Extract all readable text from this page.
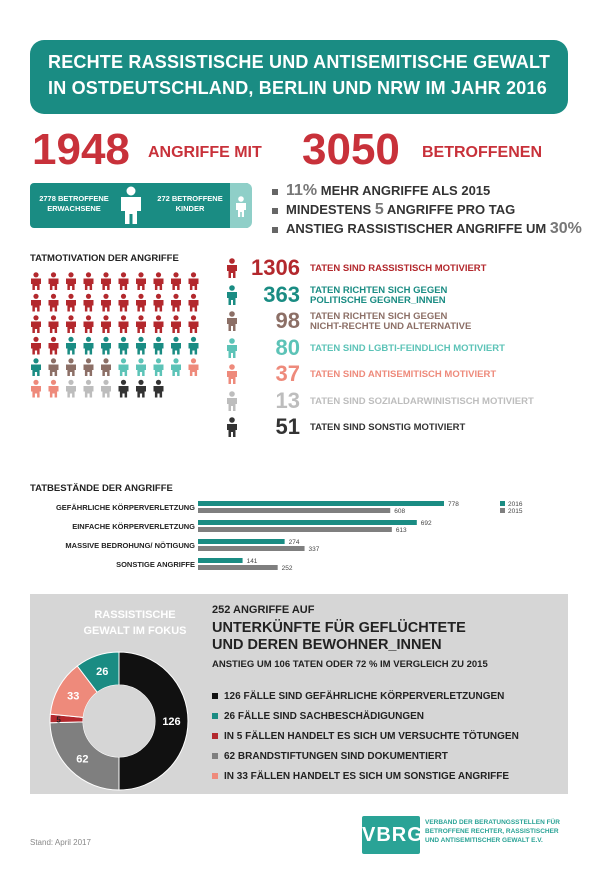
RECHTE RASSISTISCHE UND ANTISEMITISCHE GEWALT
IN OSTDEUTSCHLAND, BERLIN UND NRW IM JAHR 2016
1948 ANGRIFFE MIT 3050 BETROFFENEN
2778 BETROFFENE ERWACHSENE
272 BETROFFENE KINDER
11% MEHR ANGRIFFE ALS 2015
MINDESTENS 5 ANGRIFFE PRO TAG
ANSTIEG RASSISTISCHER ANGRIFFE UM 30%
TATMOTIVATION DER ANGRIFFE	1306 TATEN SIND RASSISTISCH MOTIVIERT
363 TATEN RICHTEN SICH GEGEN
POLITISCHE GEGNER_INNEN
98 TATEN RICHTEN SICH GEGEN
NICHT-RECHTE UND ALTERNATIVE
80 TATEN SIND LGBTI-FEINDLICH MOTIVIERT
37 TATEN SIND ANTISEMITISCH MOTIVIERT
13 TATEN SIND SOZIALDARWINISTISCH MOTIVIERT
51 TATEN SIND SONSTIG MOTIVIERT
TATBESTÄNDE DER ANGRIFFE
GEFÄHRLICHE KÖRPERVERLETZUNG	778
608
EINFACHE KÖRPERVERLETZUNG	692
613
MASSIVE BEDROHUNG/ NÖTIGUNG	274
337
SONSTIGE ANGRIFFE	141
252
2016
2015
RASSISTISCHE
GEWALT IM FOKUS
126
62
5
33
26
252 ANGRIFFE AUF
UNTERKÜNFTE FÜR GEFLÜCHTETE
UND DEREN BEWOHNER_INNEN
ANSTIEG UM 106 TATEN ODER 72 % IM VERGLEICH ZU 2015
126 FÄLLE SIND GEFÄHRLICHE KÖRPERVERLETZUNGEN
26 FÄLLE SIND SACHBESCHÄDIGUNGEN
IN 5 FÄLLEN HANDELT ES SICH UM VERSUCHTE TÖTUNGEN
62 BRANDSTIFTUNGEN SIND DOKUMENTIERT
IN 33 FÄLLEN HANDELT ES SICH UM SONSTIGE ANGRIFFE
Stand: April 2017	VBRG
VERBAND DER BERATUNGSSTELLEN FÜR
BETROFFENE RECHTER, RASSISTISCHER
UND ANTISEMITISCHER GEWALT E.V.
